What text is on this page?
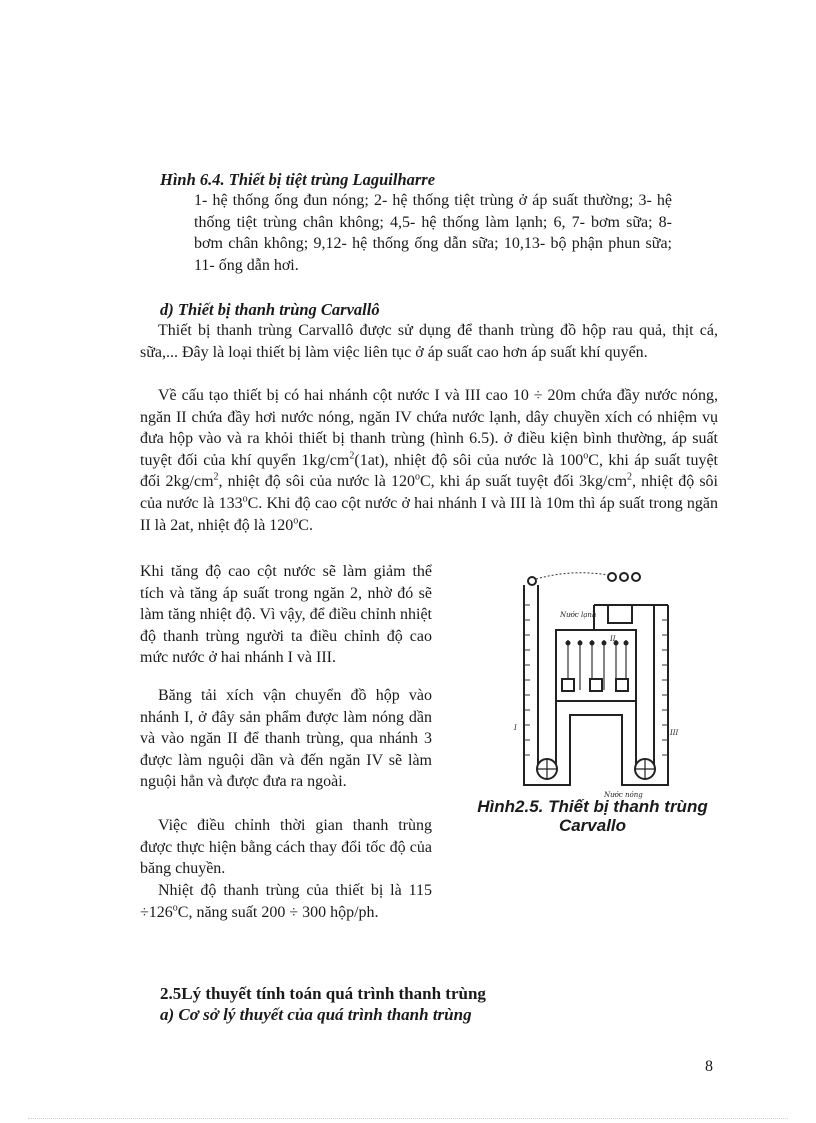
Hình 6.4. Thiết bị tiệt trùng Laguilharre
1- hệ thống ống đun nóng; 2- hệ thống tiệt trùng ở áp suất thường; 3- hệ thống tiệt trùng chân không; 4,5- hệ thống làm lạnh; 6, 7- bơm sữa; 8- bơm chân không; 9,12- hệ thống ống dẫn sữa; 10,13- bộ phận phun sữa; 11- ống dẫn hơi.
d) Thiết bị thanh trùng Carvallô

Thiết bị thanh trùng Carvallô được sử dụng để thanh trùng đồ hộp rau quả, thịt cá, sữa,... Đây là loại thiết bị làm việc liên tục ở áp suất cao hơn áp suất khí quyển.

Về cấu tạo thiết bị có hai nhánh cột nước I và III cao 10 ÷ 20m chứa đầy nước nóng, ngăn II chứa đầy hơi nước nóng, ngăn IV chứa nước lạnh, dây chuyền xích có nhiệm vụ đưa hộp vào và ra khỏi thiết bị thanh trùng (hình 6.5). ở điều kiện bình thường, áp suất tuyệt đối của khí quyển $1kg/cm^2(1at)$, nhiệt độ sôi của nước là 100$^o$C, khi áp suất tuyệt đối $2kg/cm^2$, nhiệt độ sôi của nước là 120$^o$C, khi áp suất tuyệt đối $3kg/cm^2$, nhiệt độ sôi của nước là 133$^o$C. Khi độ cao cột nước ở hai nhánh I và III là 10m thì áp suất trong ngăn II là 2at, nhiệt độ là 120$^o$C.

Khi tăng độ cao cột nước sẽ làm giảm thể tích và tăng áp suất trong ngăn 2, nhờ đó sẽ làm tăng nhiệt độ. Vì vậy, để điều chỉnh nhiệt độ thanh trùng người ta điều chỉnh độ cao mức nước ở hai nhánh I và III.

Băng tải xích vận chuyển đồ hộp vào nhánh I, ở đây sản phẩm được làm nóng dần và vào ngăn II để thanh trùng, qua nhánh 3 được làm nguội dần và đến ngăn IV sẽ làm nguội hẳn và được đưa ra ngoài.

Việc điều chỉnh thời gian thanh trùng được thực hiện bằng cách thay đổi tốc độ của băng chuyền.

Nhiệt độ thanh trùng của thiết bị là $115 \div 126^oC$, năng suất 200 ÷ 300 hộp/ph.

Nước lạnh
Nước nóng
I
II
III
Hình2.5. Thiết bị thanh trùng
Carvallo
2.5Lý thuyết tính toán quá trình thanh trùng
a) Cơ sở lý thuyết của quá trình thanh trùng
8
